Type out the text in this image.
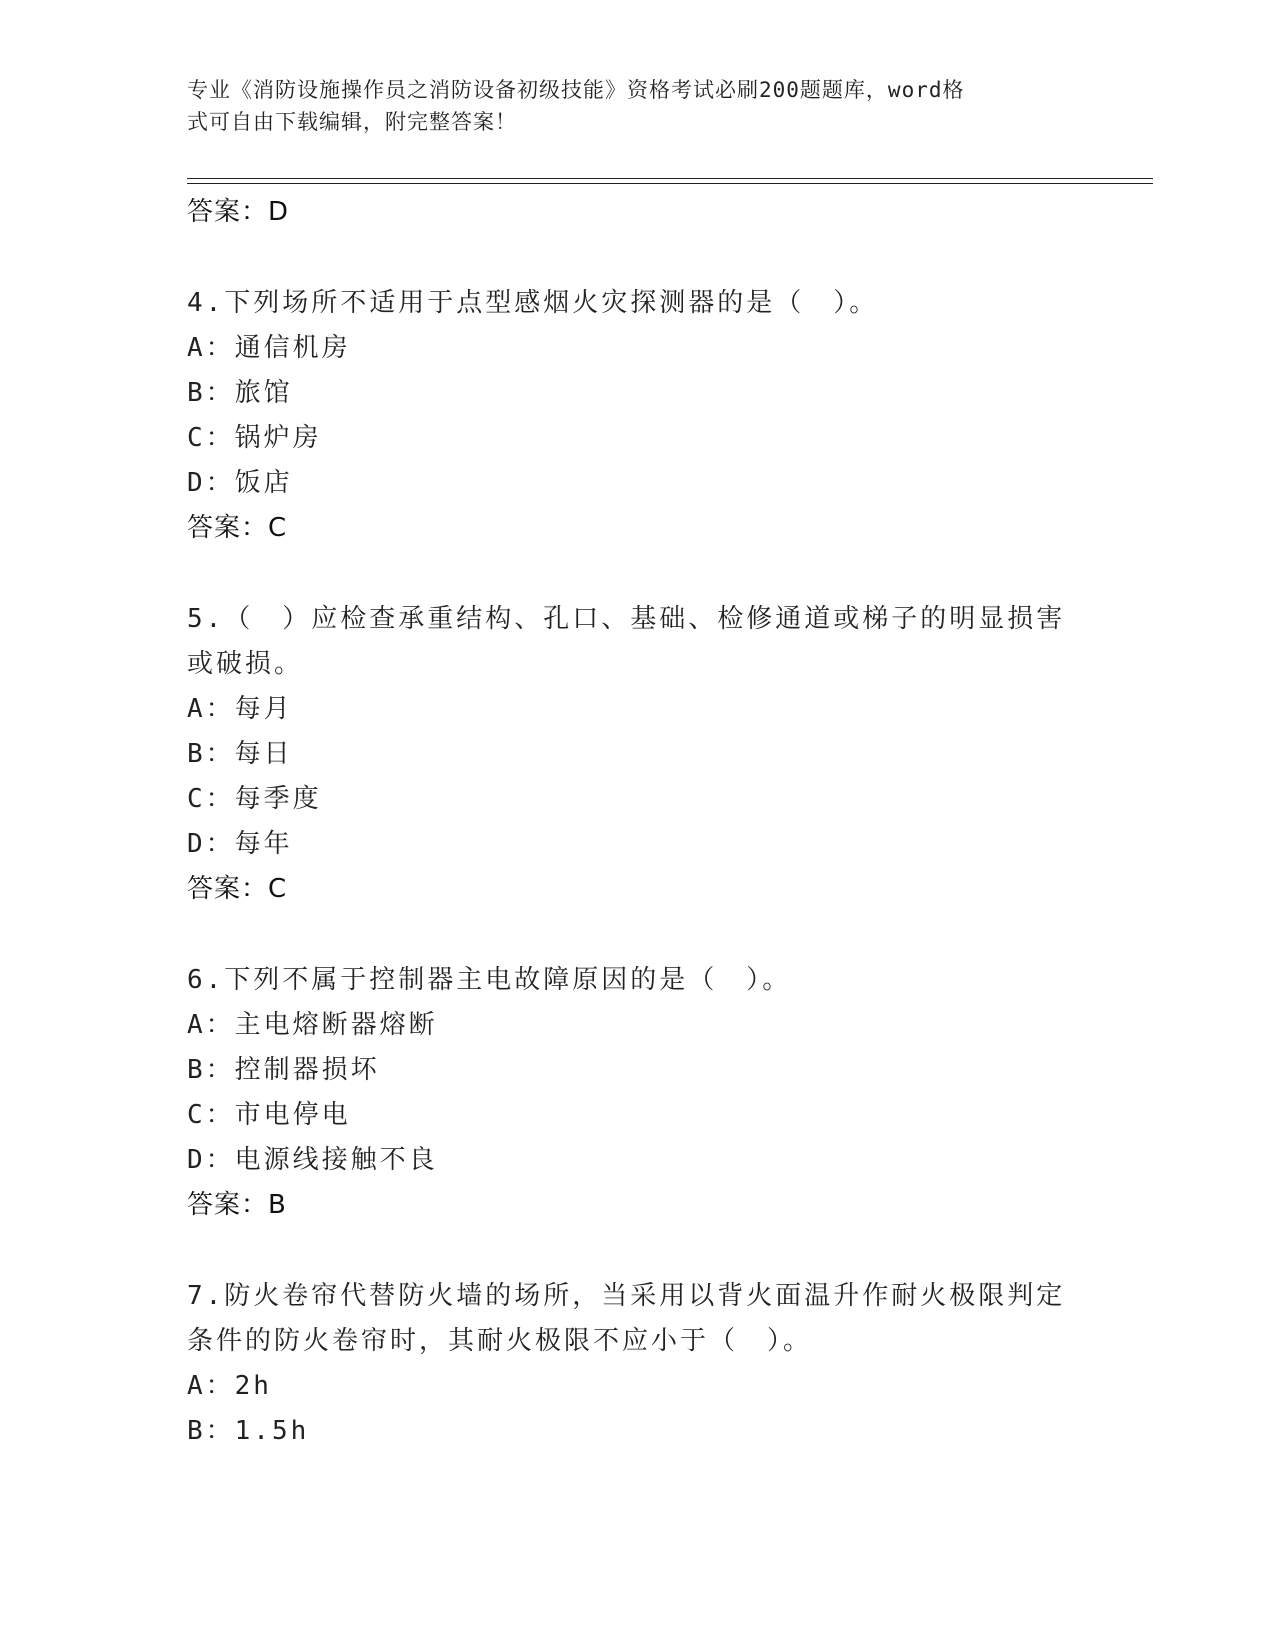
专业《消防设施操作员之消防设备初级技能》资格考试必刷200题题库，word格
式可自由下载编辑，附完整答案！
答案：D
4.下列场所不适用于点型感烟火灾探测器的是（　）。
A：通信机房
B：旅馆
C：锅炉房
D：饭店
答案：C
5.（　）应检查承重结构、孔口、基础、检修通道或梯子的明显损害
或破损。
A：每月
B：每日
C：每季度
D：每年
答案：C
6.下列不属于控制器主电故障原因的是（　）。
A：主电熔断器熔断
B：控制器损坏
C：市电停电
D：电源线接触不良
答案：B
7.防火卷帘代替防火墙的场所，当采用以背火面温升作耐火极限判定
条件的防火卷帘时，其耐火极限不应小于（　）。
A：2h
B：1.5h
